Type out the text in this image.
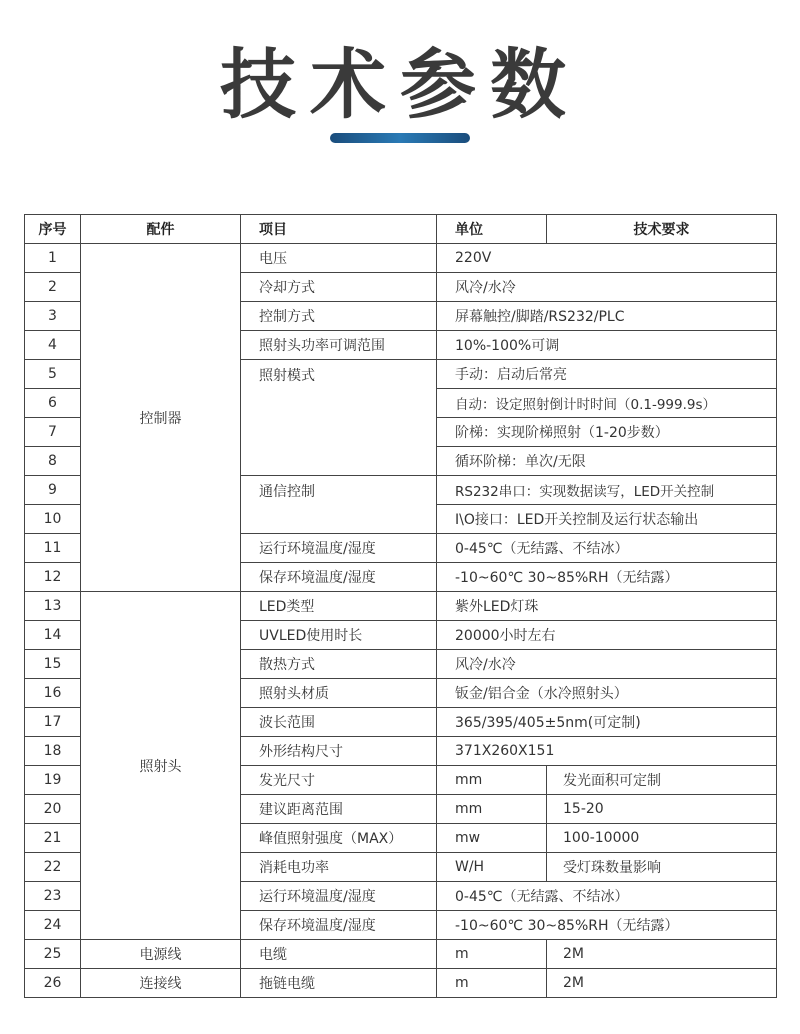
技术参数
序号	配件	项目	单位	技术要求
1	控制器	电压	220V	
2		冷却方式	风冷/水冷	
3		控制方式	屏幕触控/脚踏/RS232/PLC	
4		照射头功率可调范围	10%-100%可调	
5		照射模式	手动：启动后常亮	
6			自动：设定照射倒计时时间（0.1-999.9s）	
7			阶梯：实现阶梯照射（1-20步数）	
8			循环阶梯：单次/无限	
9		通信控制	RS232串口：实现数据读写，LED开关控制	
10			I\O接口：LED开关控制及运行状态输出	
11		运行环境温度/湿度	0-45℃（无结露、不结冰）	
12		保存环境温度/湿度	-10~60℃ 30~85%RH（无结露）	
13	照射头	LED类型	紫外LED灯珠	
14		UVLED使用时长	20000小时左右	
15		散热方式	风冷/水冷	
16		照射头材质	钣金/铝合金（水冷照射头）	
17		波长范围	365/395/405±5nm(可定制)	
18		外形结构尺寸	371X260X151	
19		发光尺寸	mm	发光面积可定制
20		建议距离范围	mm	15-20
21		峰值照射强度（MAX）	mw	100-10000
22		消耗电功率	W/H	受灯珠数量影响
23		运行环境温度/湿度	0-45℃（无结露、不结冰）	
24		保存环境温度/湿度	-10~60℃ 30~85%RH（无结露）	
25	电源线	电缆	m	2M
26	连接线	拖链电缆	m	2M
